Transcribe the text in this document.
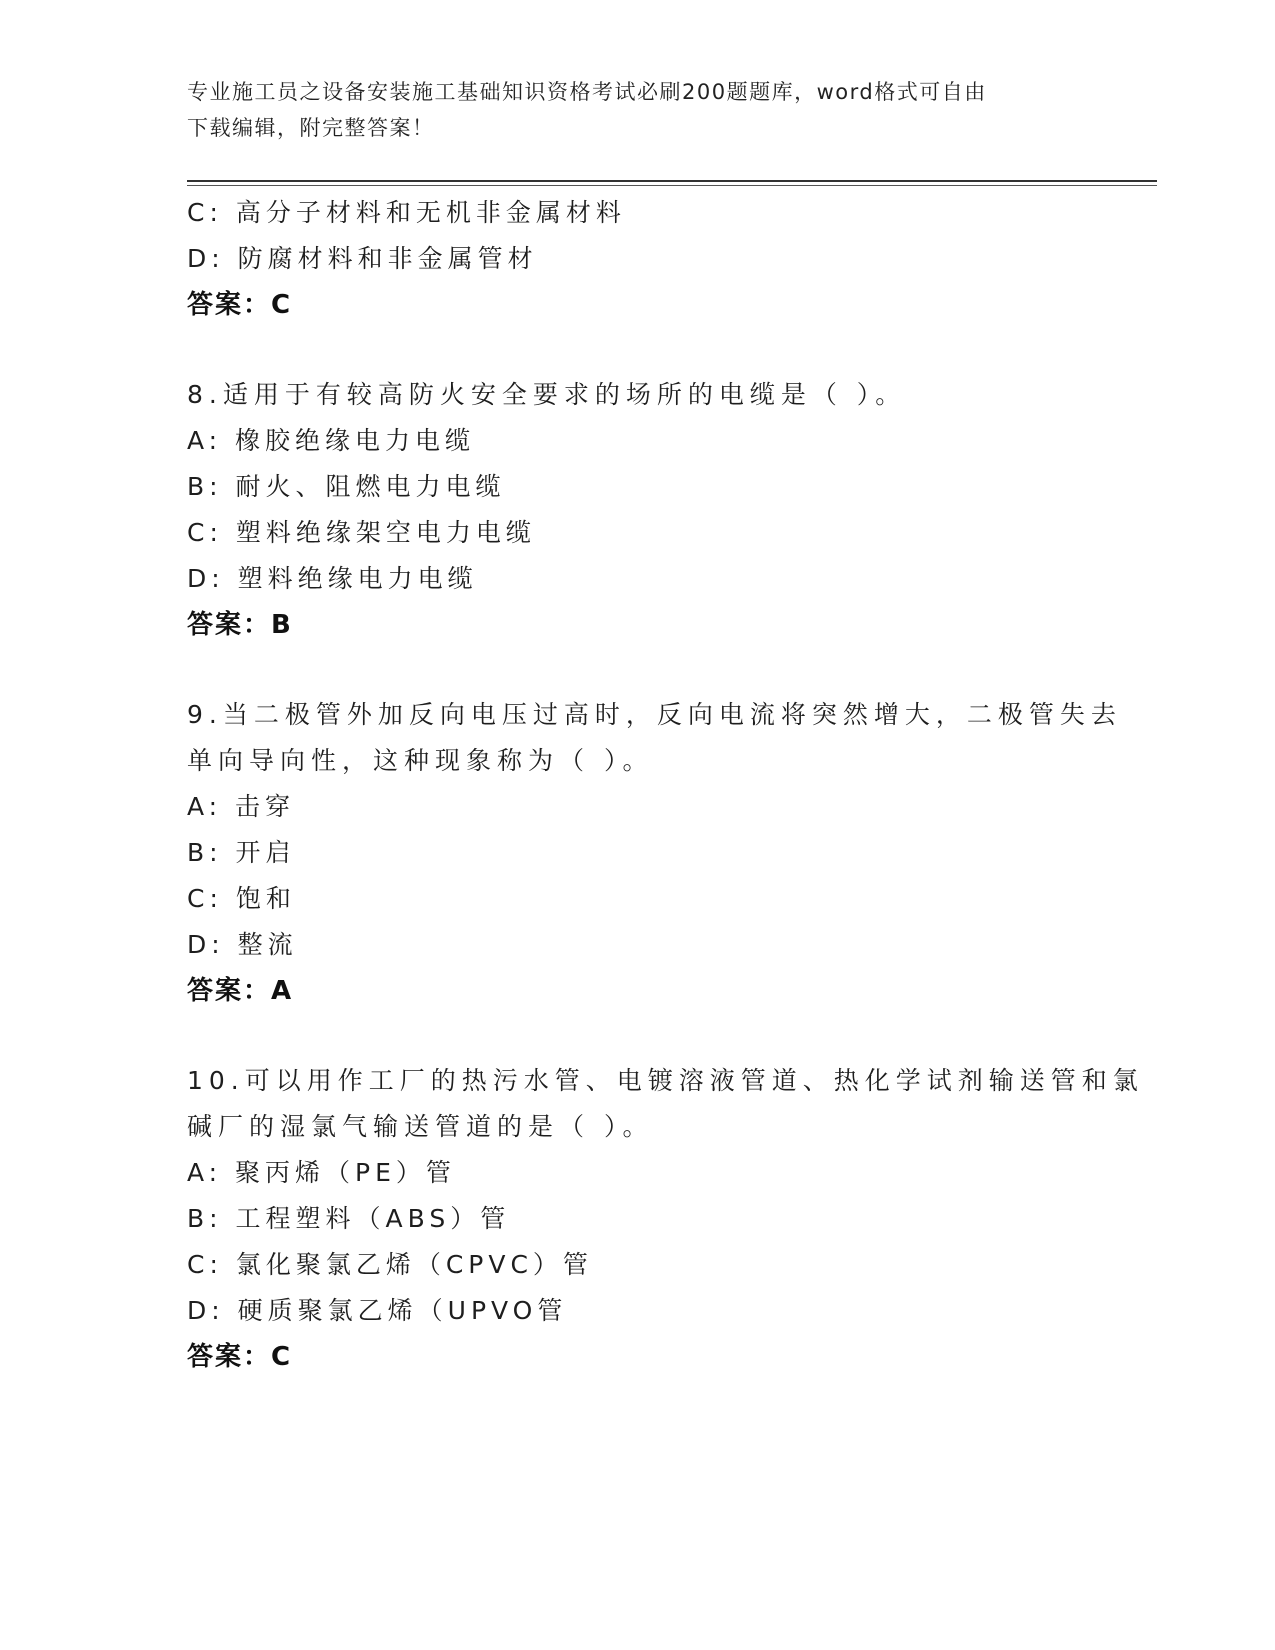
专业施工员之设备安装施工基础知识资格考试必刷200题题库，word格式可自由
下载编辑，附完整答案！
C: 高分子材料和无机非金属材料
D: 防腐材料和非金属管材
答案：C
8.适用于有较高防火安全要求的场所的电缆是（ ）。
A: 橡胶绝缘电力电缆
B: 耐火、阻燃电力电缆
C: 塑料绝缘架空电力电缆
D: 塑料绝缘电力电缆
答案：B
9.当二极管外加反向电压过高时，反向电流将突然增大，二极管失去
单向导向性，这种现象称为（ ）。
A: 击穿
B: 开启
C: 饱和
D: 整流
答案：A
10.可以用作工厂的热污水管、电镀溶液管道、热化学试剂输送管和氯
碱厂的湿氯气输送管道的是（ ）。
A: 聚丙烯（PE）管
B: 工程塑料（ABS）管
C: 氯化聚氯乙烯（CPVC）管
D: 硬质聚氯乙烯（UPVO管
答案：C
